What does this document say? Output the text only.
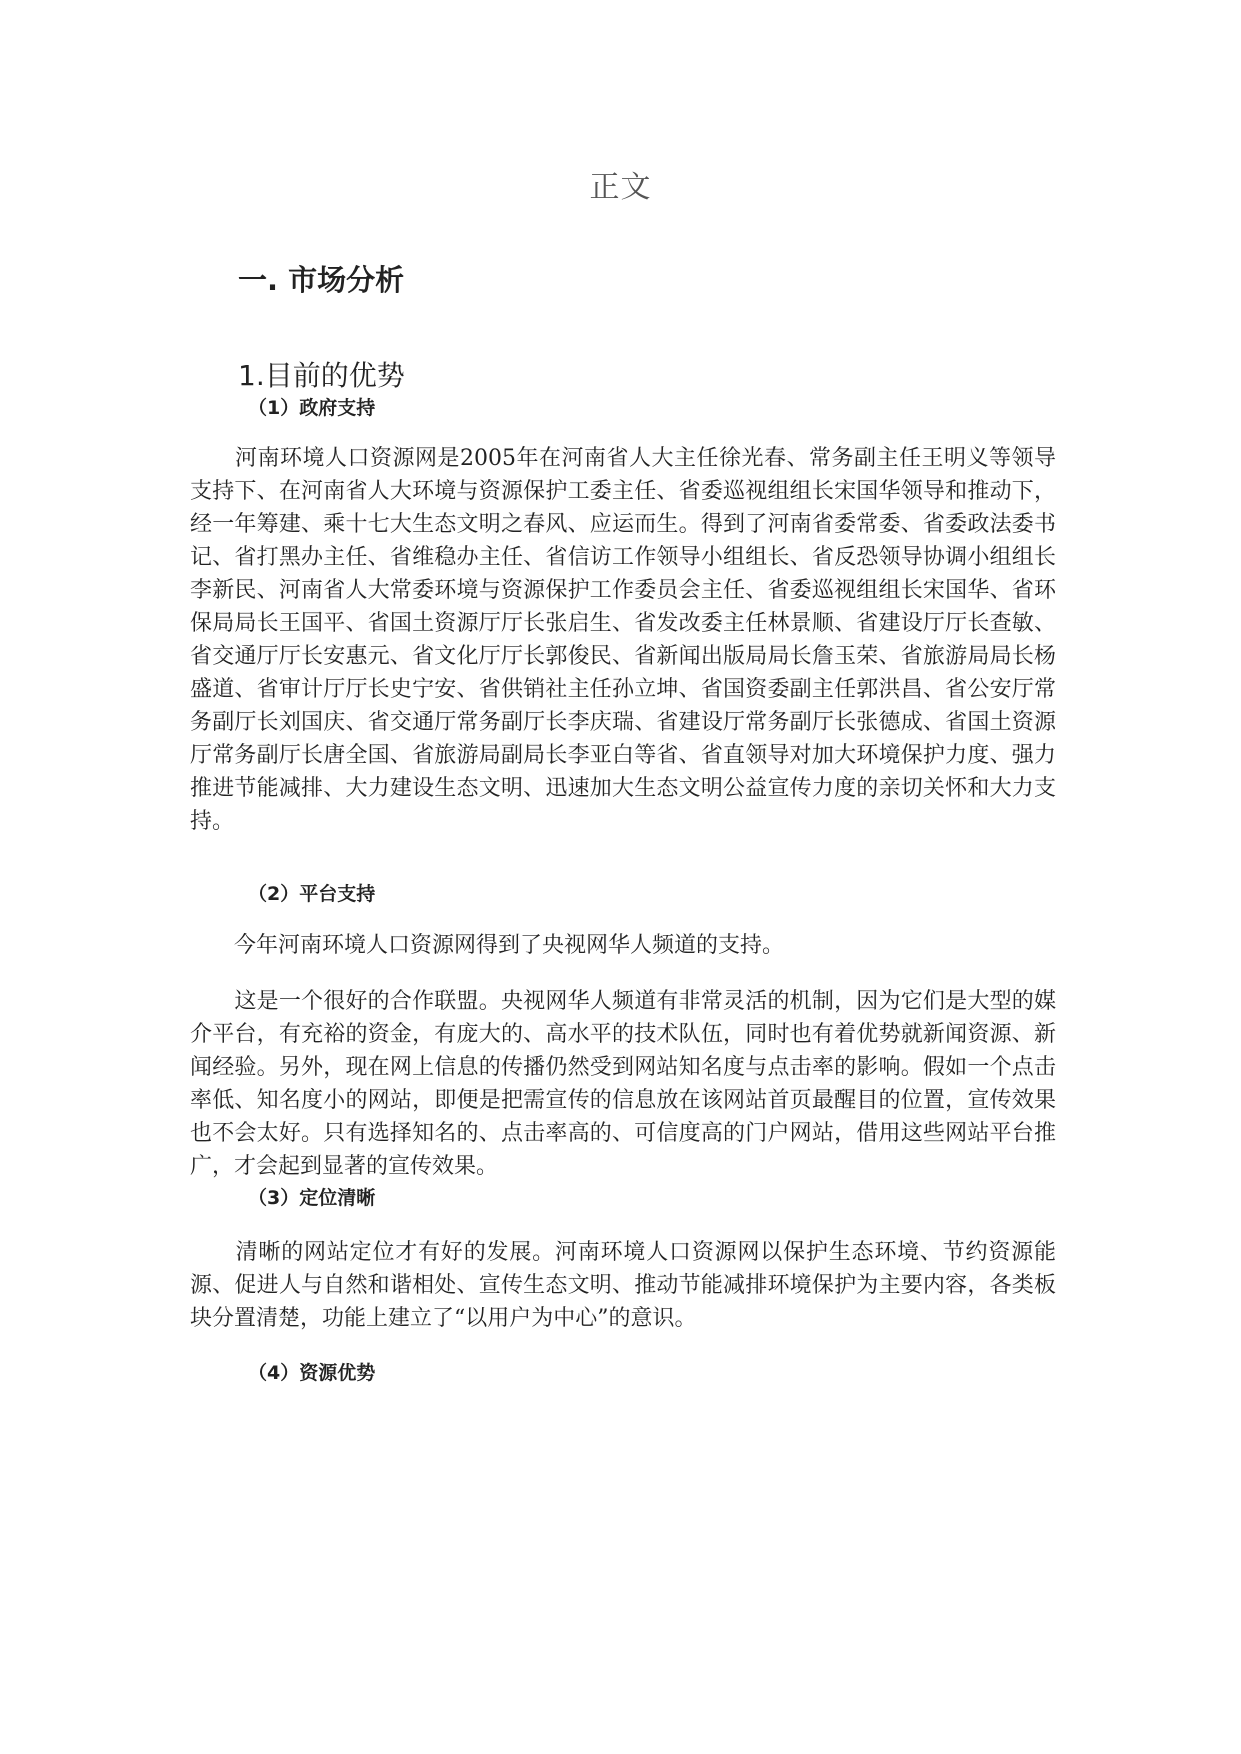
正文
一. 市场分析
1.目前的优势
（1）政府支持

　　河南环境人口资源网是2005年在河南省人大主任徐光春、常务副主任王明义等领导支持下、在河南省人大环境与资源保护工委主任、省委巡视组组长宋国华领导和推动下，经一年筹建、乘十七大生态文明之春风、应运而生。得到了河南省委常委、省委政法委书记、省打黑办主任、省维稳办主任、省信访工作领导小组组长、省反恐领导协调小组组长李新民、河南省人大常委环境与资源保护工作委员会主任、省委巡视组组长宋国华、省环保局局长王国平、省国土资源厅厅长张启生、省发改委主任林景顺、省建设厅厅长查敏、省交通厅厅长安惠元、省文化厅厅长郭俊民、省新闻出版局局长詹玉荣、省旅游局局长杨盛道、省审计厅厅长史宁安、省供销社主任孙立坤、省国资委副主任郭洪昌、省公安厅常务副厅长刘国庆、省交通厅常务副厅长李庆瑞、省建设厅常务副厅长张德成、省国土资源厅常务副厅长唐全国、省旅游局副局长李亚白等省、省直领导对加大环境保护力度、强力推进节能减排、大力建设生态文明、迅速加大生态文明公益宣传力度的亲切关怀和大力支持。

（2）平台支持

　　今年河南环境人口资源网得到了央视网华人频道的支持。

　　这是一个很好的合作联盟。央视网华人频道有非常灵活的机制，因为它们是大型的媒介平台，有充裕的资金，有庞大的、高水平的技术队伍，同时也有着优势就新闻资源、新闻经验。另外，现在网上信息的传播仍然受到网站知名度与点击率的影响。假如一个点击率低、知名度小的网站，即便是把需宣传的信息放在该网站首页最醒目的位置，宣传效果也不会太好。只有选择知名的、点击率高的、可信度高的门户网站，借用这些网站平台推广，才会起到显著的宣传效果。

（3）定位清晰

　　清晰的网站定位才有好的发展。河南环境人口资源网以保护生态环境、节约资源能源、促进人与自然和谐相处、宣传生态文明、推动节能减排环境保护为主要内容，各类板块分置清楚，功能上建立了“以用户为中心”的意识。

（4）资源优势
